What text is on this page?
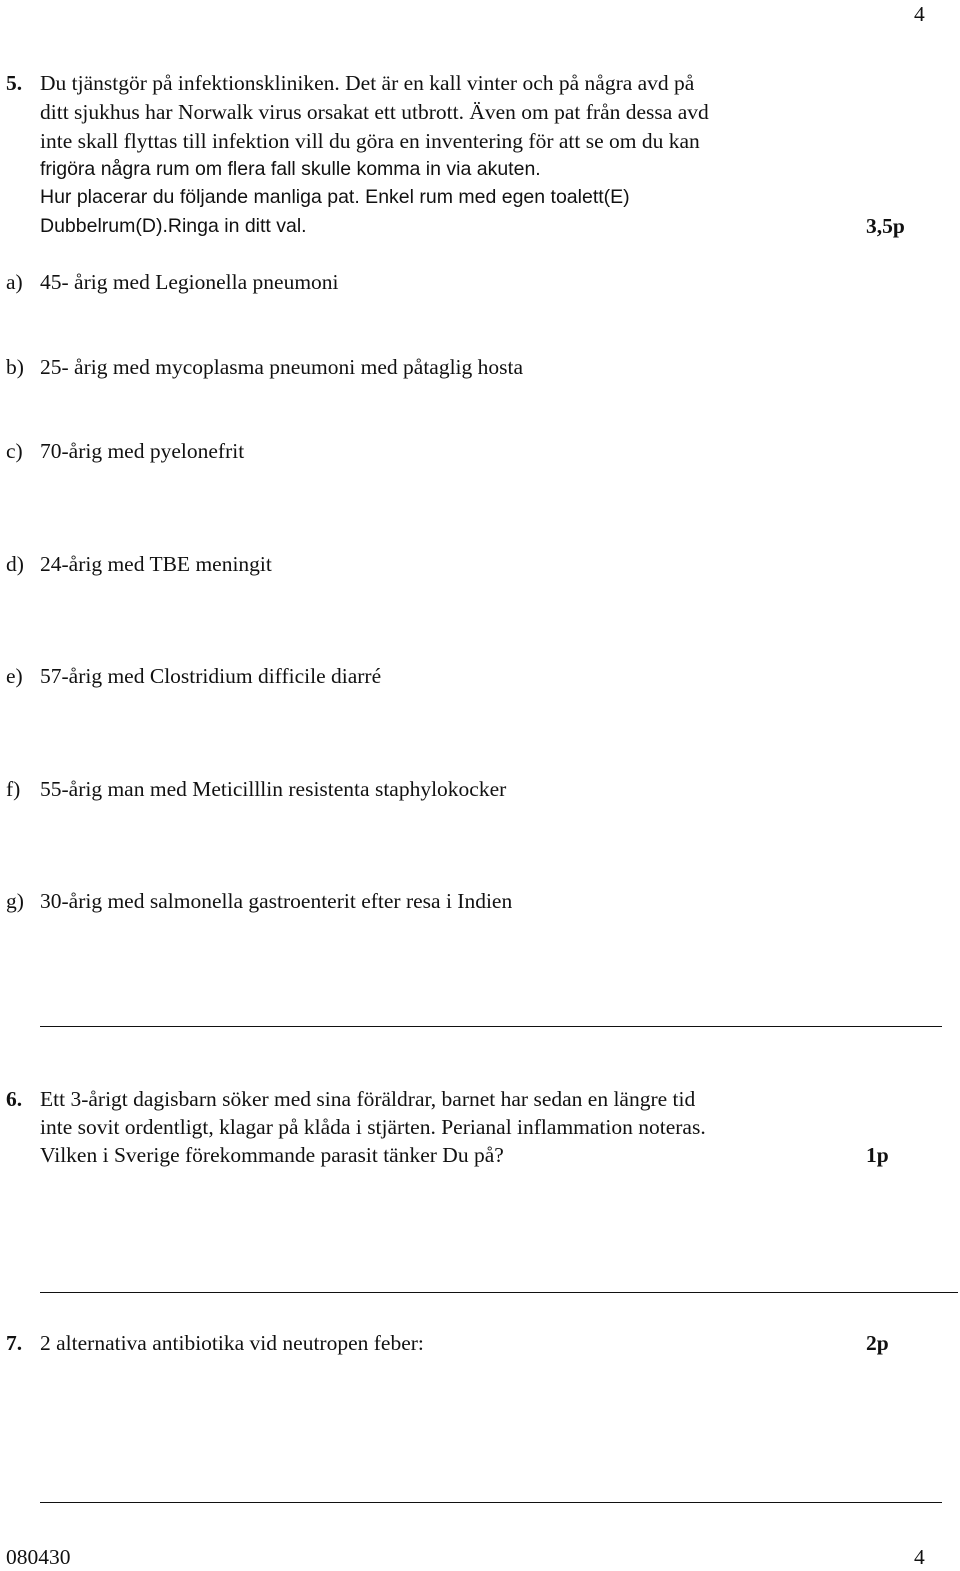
4
5. Du tjänstgör på infektionskliniken. Det är en kall vinter och på några avd på
ditt sjukhus har Norwalk virus orsakat ett utbrott. Även om pat från dessa avd
inte skall flyttas till infektion vill du göra en inventering för att se om du kan
frigöra några rum om flera fall skulle komma in via akuten.
Hur placerar du följande manliga pat. Enkel rum med egen toalett(E)
Dubbelrum(D).Ringa in ditt val.	3,5p
a) 45- årig med Legionella pneumoni
b) 25- årig med mycoplasma pneumoni med påtaglig hosta
c) 70-årig med pyelonefrit
d) 24-årig med TBE meningit
e) 57-årig med Clostridium difficile diarré
f) 55-årig man med Meticilllin resistenta staphylokocker
g) 30-årig med salmonella gastroenterit efter resa i Indien
6. Ett 3-årigt dagisbarn söker med sina föräldrar, barnet har sedan en längre tid
inte sovit ordentligt, klagar på klåda i stjärten. Perianal inflammation noteras.
Vilken i Sverige förekommande parasit tänker Du på?	1p
7. 2 alternativa antibiotika vid neutropen feber:	2p
080430	4
